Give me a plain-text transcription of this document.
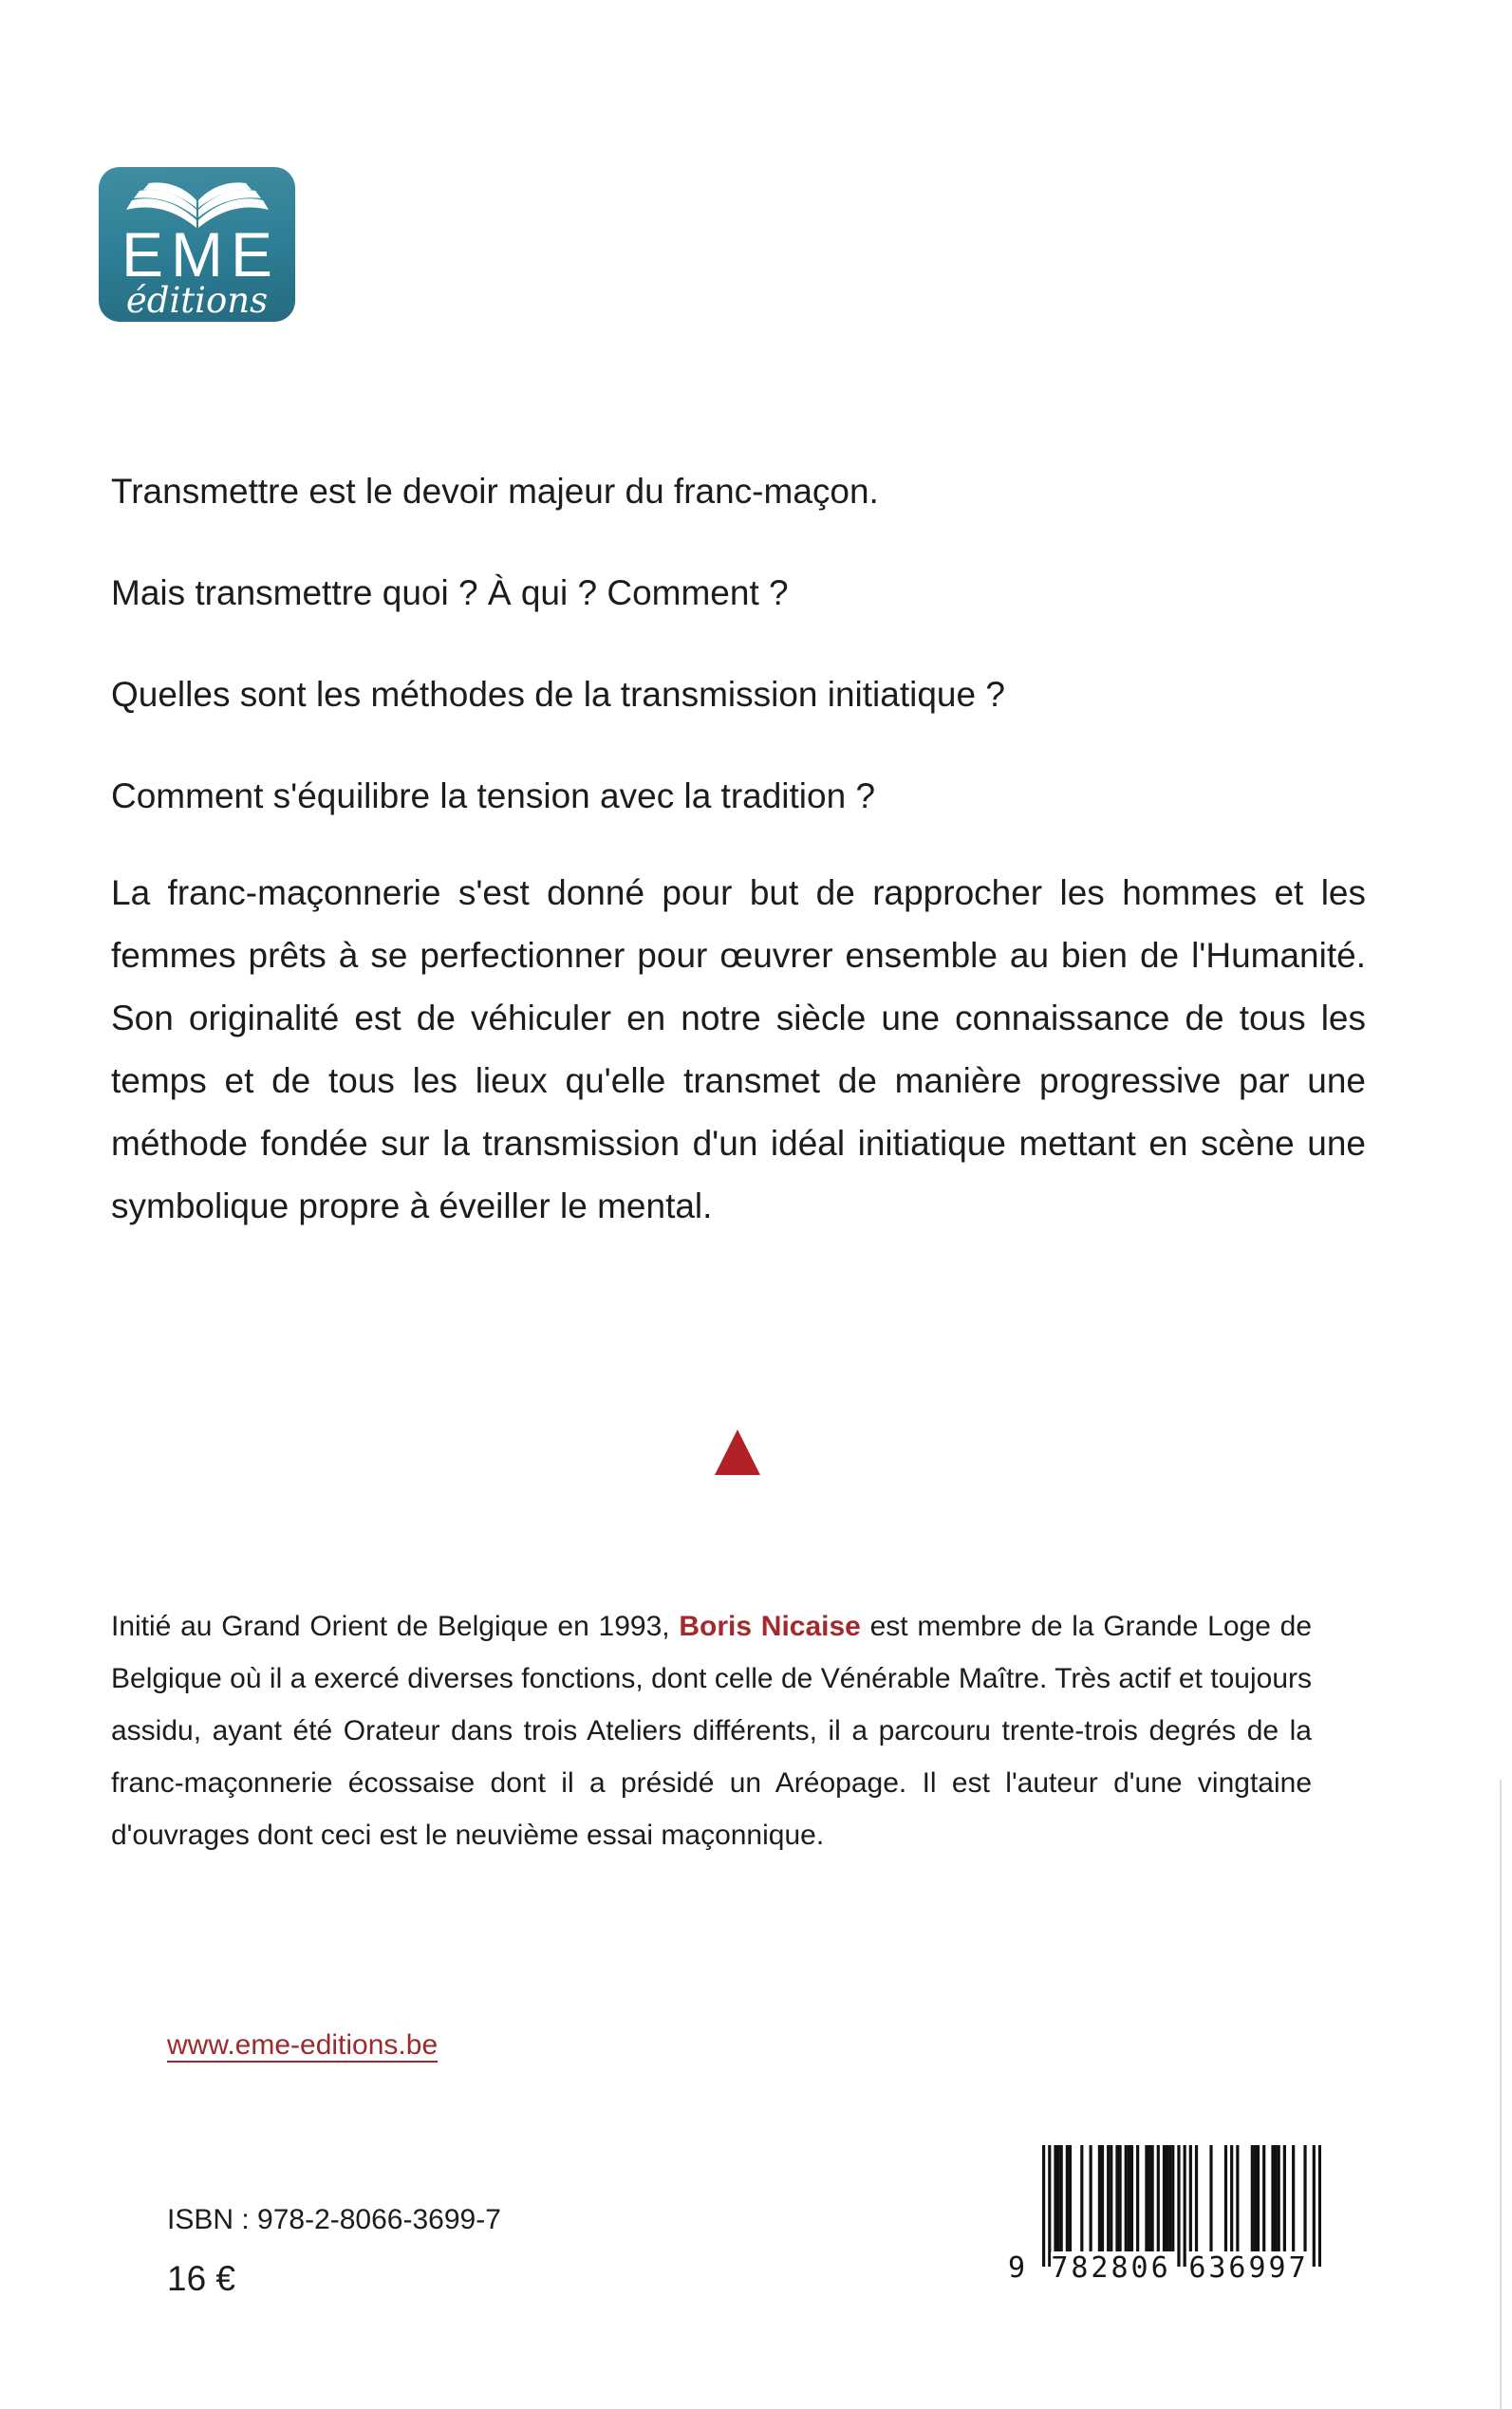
EME
éditions

Transmettre est le devoir majeur du franc-maçon.

Mais transmettre quoi ? À qui ? Comment ?

Quelles sont les méthodes de la transmission initiatique ?

Comment s'équilibre la tension avec la tradition ?

La franc-maçonnerie s'est donné pour but de rapprocher les hommes et les femmes prêts à se perfectionner pour œuvrer ensemble au bien de l'Humanité. Son originalité est de véhiculer en notre siècle une connaissance de tous les temps et de tous les lieux qu'elle transmet de manière progressive par une méthode fondée sur la transmission d'un idéal initiatique mettant en scène une symbolique propre à éveiller le mental.
Initié au Grand Orient de Belgique en 1993, Boris Nicaise est membre de la Grande Loge de Belgique où il a exercé diverses fonctions, dont celle de Vénérable Maître. Très actif et toujours assidu, ayant été Orateur dans trois Ateliers différents, il a parcouru trente-trois degrés de la franc-maçonnerie écossaise dont il a présidé un Aréopage. Il est l'auteur d'une vingtaine d'ouvrages dont ceci est le neuvième essai maçonnique.
www.eme-editions.be
ISBN : 978-2-8066-3699-7
16 €	9 782806 636997
